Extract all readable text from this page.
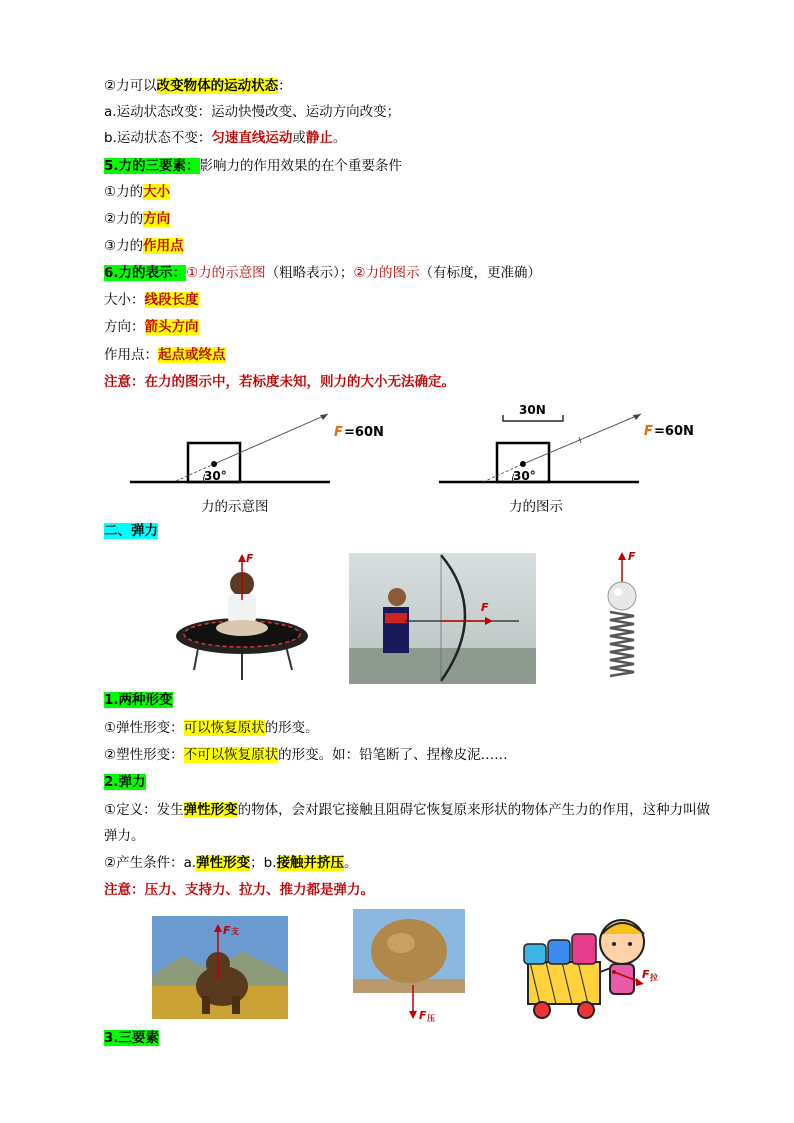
②力可以改变物体的运动状态：
a.运动状态改变：运动快慢改变、运动方向改变；
b.运动状态不变：匀速直线运动或静止。
5.力的三要素：影响力的作用效果的在个重要条件
①力的大小
②力的方向
③力的作用点
6.力的表示：①力的示意图（粗略表示）；②力的图示（有标度，更准确）
大小：线段长度
方向：箭头方向
作用点：起点或终点
注意：在力的图示中，若标度未知，则力的大小无法确定。
30°
F =60N
力的示意图
30N
30°
F =60N
力的图示
二、弹力
F
F
F
1.两种形变
①弹性形变：可以恢复原状的形变。
②塑性形变：不可以恢复原状的形变。如：铅笔断了、捏橡皮泥……
2.弹力
①定义：发生弹性形变的物体，会对跟它接触且阻碍它恢复原来形状的物体产生力的作用，这种力叫做弹力。
②产生条件：a.弹性形变；b.接触并挤压。
注意：压力、支持力、拉力、推力都是弹力。
F 支
F 压
F 拉
3.三要素
